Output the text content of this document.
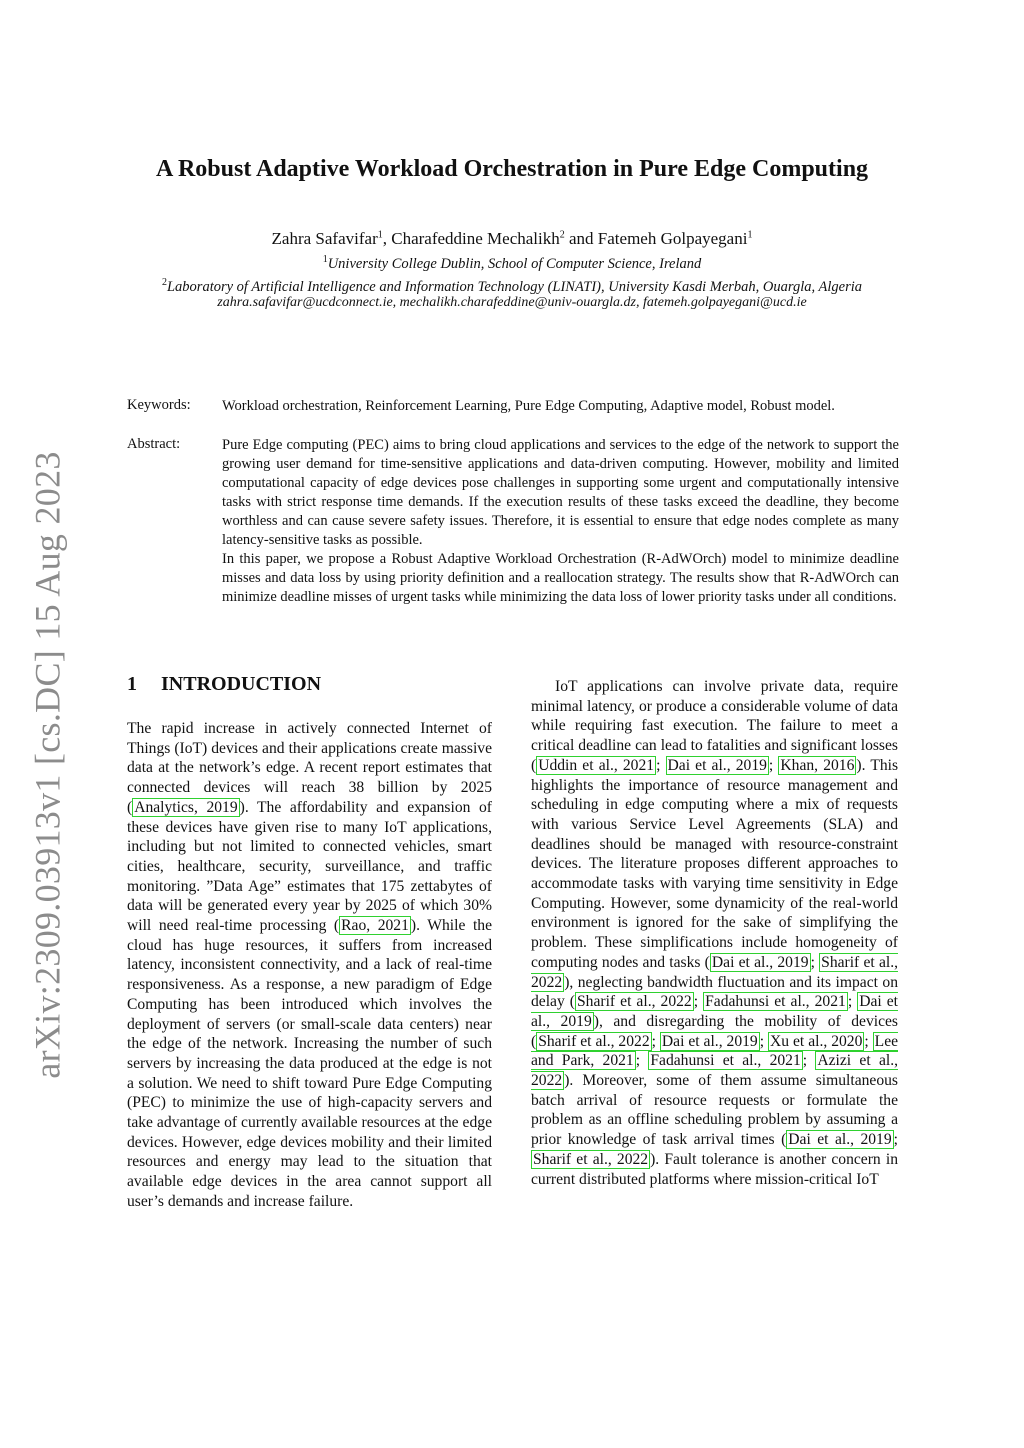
arXiv:2309.03913v1 [cs.DC] 15 Aug 2023
A Robust Adaptive Workload Orchestration in Pure Edge Computing
Zahra Safavifar$^1$, Charafeddine Mechalikh$^2$ and Fatemeh Golpayegani$^1$
$^1$University College Dublin, School of Computer Science, Ireland
$^2$Laboratory of Artificial Intelligence and Information Technology (LINATI), University Kasdi Merbah, Ouargla, Algeria
zahra.safavifar@ucdconnect.ie, mechalikh.charafeddine@univ-ouargla.dz, fatemeh.golpayegani@ucd.ie
Keywords:	Workload orchestration, Reinforcement Learning, Pure Edge Computing, Adaptive model, Robust model.
Abstract:	Pure Edge computing (PEC) aims to bring cloud applications and services to the edge of the network to support the growing user demand for time-sensitive applications and data-driven computing. However, mobility and limited computational capacity of edge devices pose challenges in supporting some urgent and computationally intensive tasks with strict response time demands. If the execution results of these tasks exceed the deadline, they become worthless and can cause severe safety issues. Therefore, it is essential to ensure that edge nodes complete as many latency-sensitive tasks as possible.

In this paper, we propose a Robust Adaptive Workload Orchestration (R-AdWOrch) model to minimize deadline misses and data loss by using priority definition and a reallocation strategy. The results show that R-AdWOrch can minimize deadline misses of urgent tasks while minimizing the data loss of lower priority tasks under all conditions.

1 INTRODUCTION

The rapid increase in actively connected Internet of Things (IoT) devices and their applications create massive data at the network’s edge. A recent report estimates that connected devices will reach 38 billion by 2025 ( Analytics, 2019 ). The affordability and expansion of these devices have given rise to many IoT applications, including but not limited to connected vehicles, smart cities, healthcare, security, surveillance, and traffic monitoring. ”Data Age” estimates that 175 zettabytes of data will be generated every year by 2025 of which 30% will need real-time processing ( Rao, 2021 ). While the cloud has huge resources, it suffers from increased latency, inconsistent connectivity, and a lack of real-time responsiveness. As a response, a new paradigm of Edge Computing has been introduced which involves the deployment of servers (or small-scale data centers) near the edge of the network. Increasing the number of such servers by increasing the data produced at the edge is not a solution. We need to shift toward Pure Edge Computing (PEC) to minimize the use of high-capacity servers and take advantage of currently available resources at the edge devices. However, edge devices mobility and their limited resources and energy may lead to the situation that available edge devices in the area cannot support all user’s demands and increase failure.

IoT applications can involve private data, require minimal latency, or produce a considerable volume of data while requiring fast execution. The failure to meet a critical deadline can lead to fatalities and significant losses ( Uddin et al., 2021 ; Dai et al., 2019 ; Khan, 2016 ). This highlights the importance of resource management and scheduling in edge computing where a mix of requests with various Service Level Agreements (SLA) and deadlines should be managed with resource-constraint devices. The literature proposes different approaches to accommodate tasks with varying time sensitivity in Edge Computing. However, some dynamicity of the real-world environment is ignored for the sake of simplifying the problem. These simplifications include homogeneity of computing nodes and tasks ( Dai et al., 2019 ; Sharif et al., 2022 ), neglecting bandwidth fluctuation and its impact on delay ( Sharif et al., 2022 ; Fadahunsi et al., 2021 ; Dai et al., 2019 ), and disregarding the mobility of devices ( Sharif et al., 2022 ; Dai et al., 2019 ; Xu et al., 2020 ; Lee and Park, 2021 ; Fadahunsi et al., 2021 ; Azizi et al., 2022 ). Moreover, some of them assume simultaneous batch arrival of resource requests or formulate the problem as an offline scheduling problem by assuming a prior knowledge of task arrival times ( Dai et al., 2019 ; Sharif et al., 2022 ). Fault tolerance is another concern in current distributed platforms where mission-critical IoT
